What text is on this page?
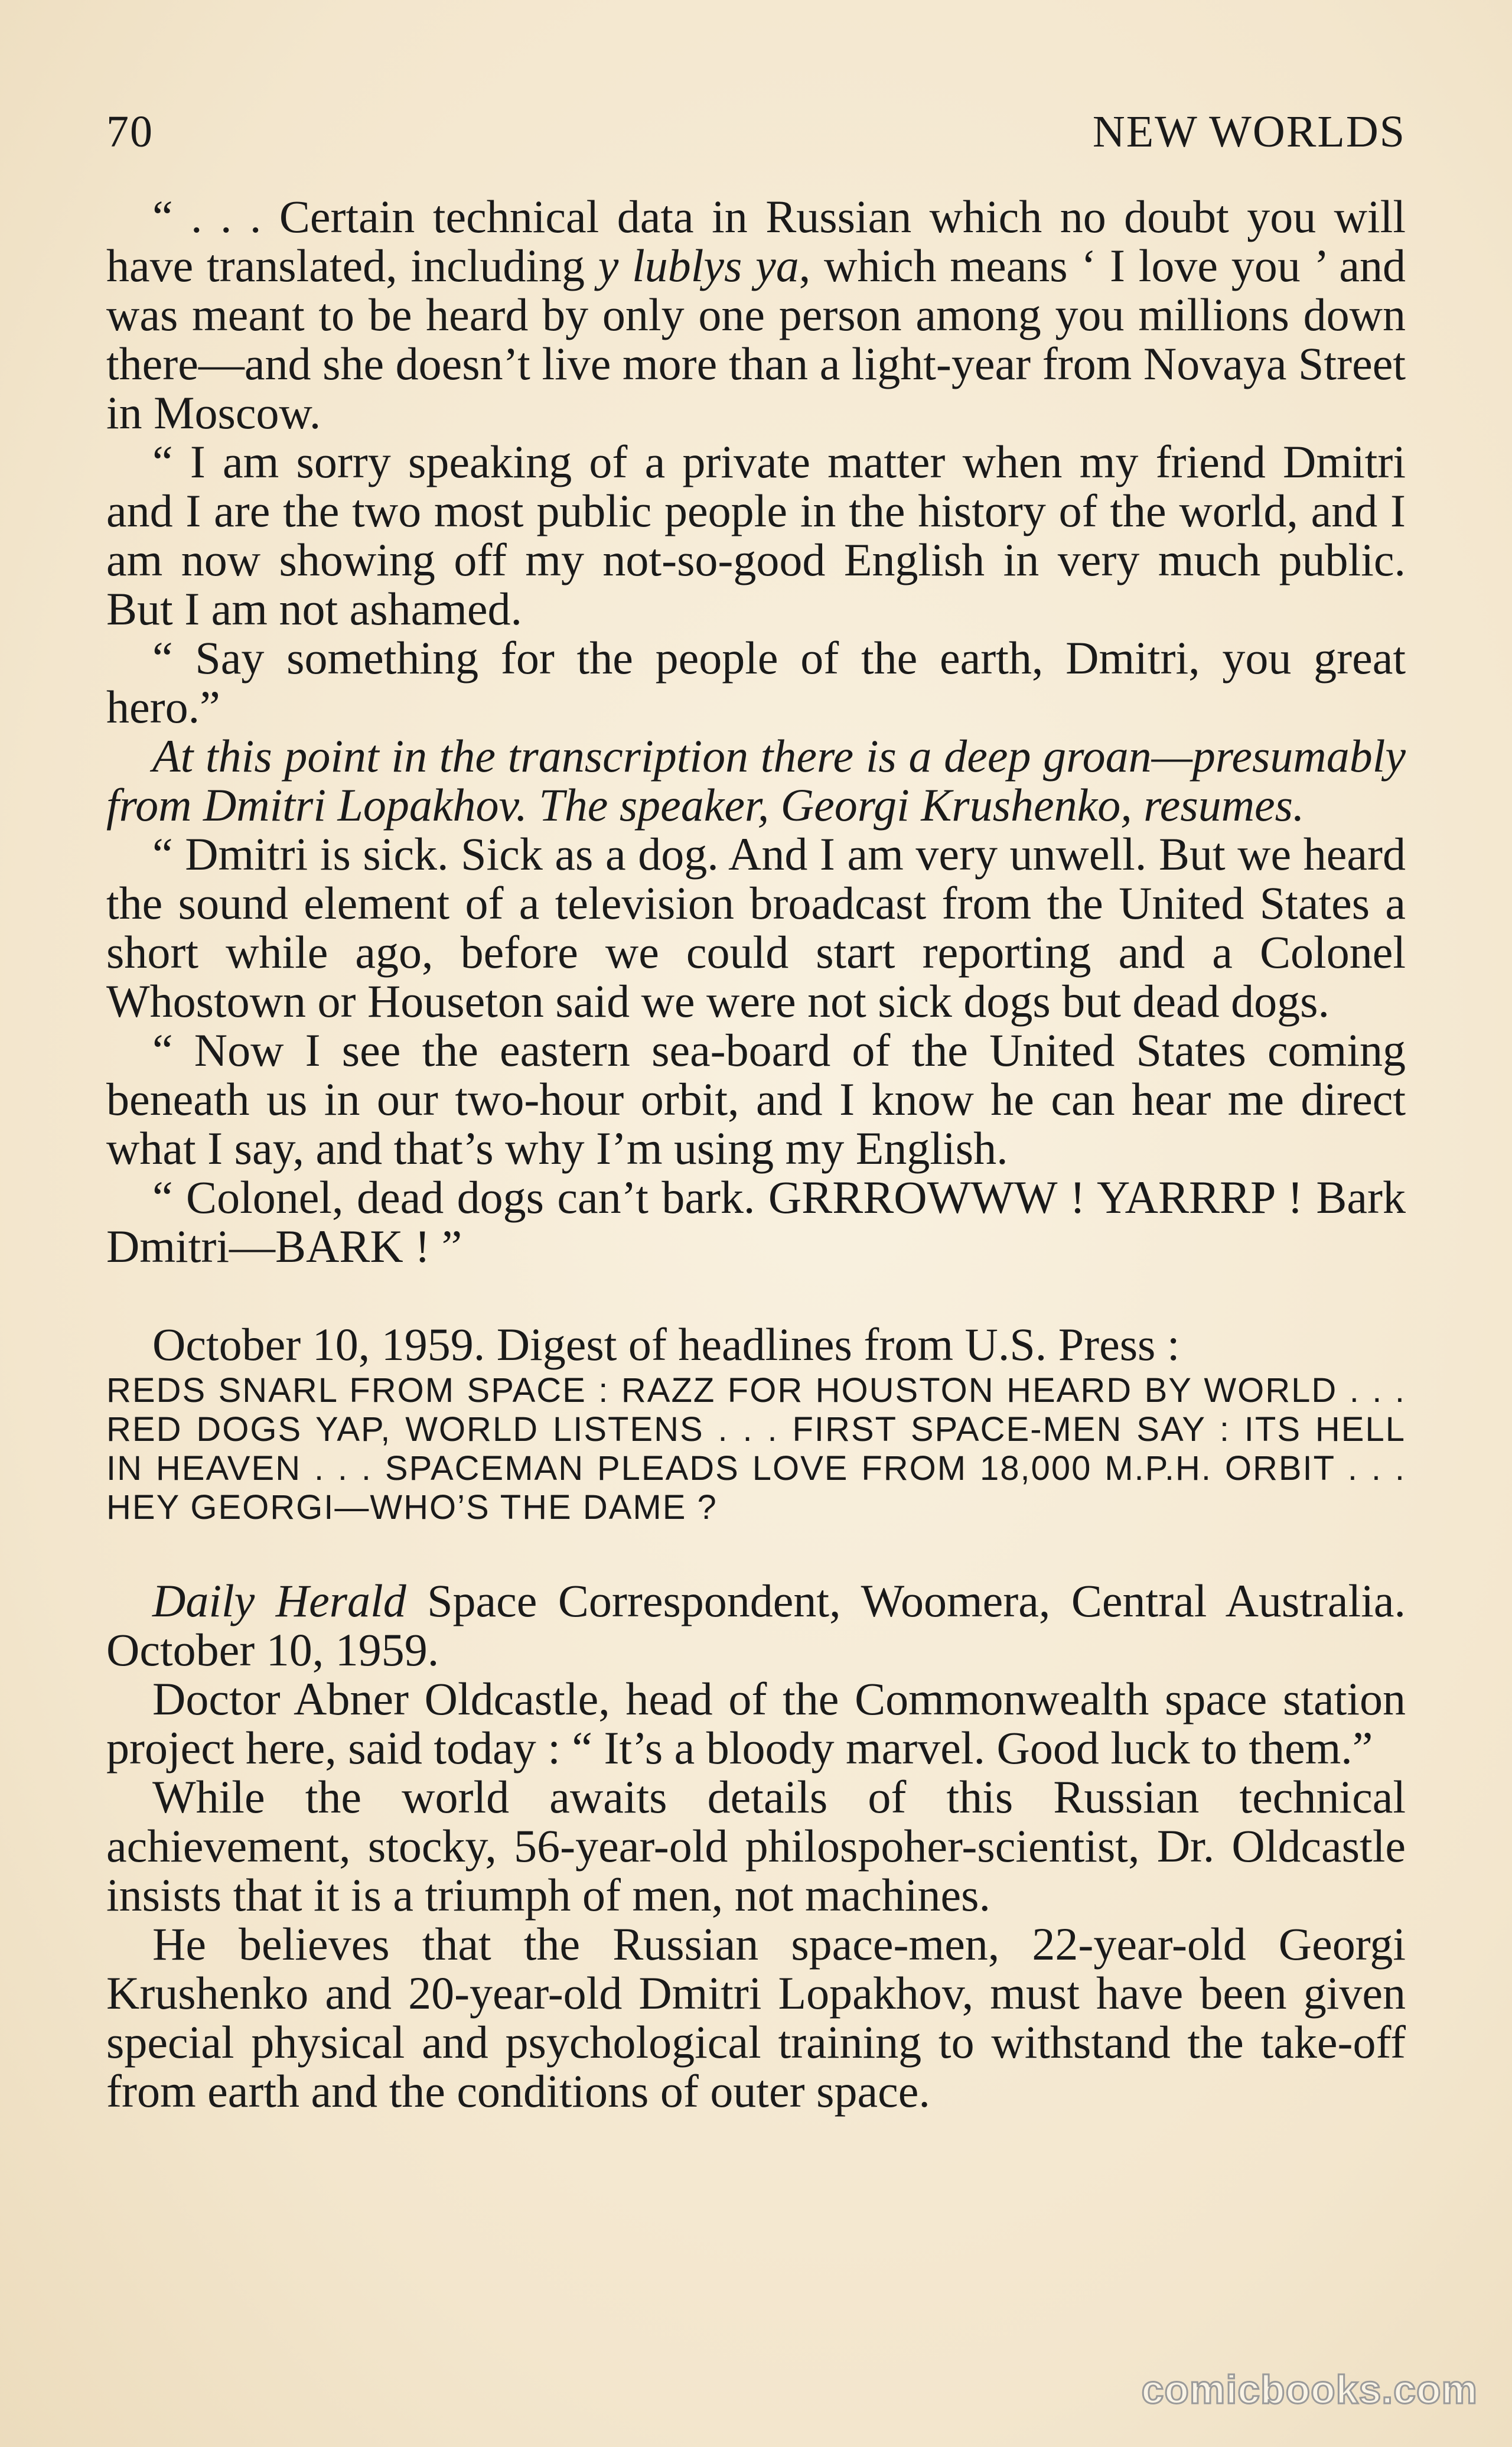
70	NEW WORLDS

“ . . . Certain technical data in Russian which no doubt you will have translated, including y lublys ya, which means ‘ I love you ’ and was meant to be heard by only one person among you millions down there—and she doesn’t live more than a light-year from Novaya Street in Moscow.

“ I am sorry speaking of a private matter when my friend Dmitri and I are the two most public people in the history of the world, and I am now showing off my not-so-good English in very much public. But I am not ashamed.

“ Say something for the people of the earth, Dmitri, you great hero.”

At this point in the transcription there is a deep groan—presumably from Dmitri Lopakhov. The speaker, Georgi Krushenko, resumes.

“ Dmitri is sick. Sick as a dog. And I am very unwell. But we heard the sound element of a television broadcast from the United States a short while ago, before we could start reporting and a Colonel Whostown or Houseton said we were not sick dogs but dead dogs.

“ Now I see the eastern sea-board of the United States coming beneath us in our two-hour orbit, and I know he can hear me direct what I say, and that’s why I’m using my English.

“ Colonel, dead dogs can’t bark. GRRROWWW ! YARRRP ! Bark Dmitri—BARK ! ”

October 10, 1959. Digest of headlines from U.S. Press :

REDS SNARL FROM SPACE : RAZZ FOR HOUSTON HEARD BY WORLD . . . RED DOGS YAP, WORLD LISTENS . . . FIRST SPACE-MEN SAY : ITS HELL IN HEAVEN . . . SPACEMAN PLEADS LOVE FROM 18,000 M.P.H. ORBIT . . . HEY GEORGI—WHO’S THE DAME ?

Daily Herald Space Correspondent, Woomera, Central Australia. October 10, 1959.

Doctor Abner Oldcastle, head of the Commonwealth space station project here, said today : “ It’s a bloody marvel. Good luck to them.”

While the world awaits details of this Russian technical achievement, stocky, 56-year-old philospoher-scientist, Dr. Oldcastle insists that it is a triumph of men, not machines.

He believes that the Russian space-men, 22-year-old Georgi Krushenko and 20-year-old Dmitri Lopakhov, must have been given special physical and psychological training to withstand the take-off from earth and the conditions of outer space.

comicbooks.com
